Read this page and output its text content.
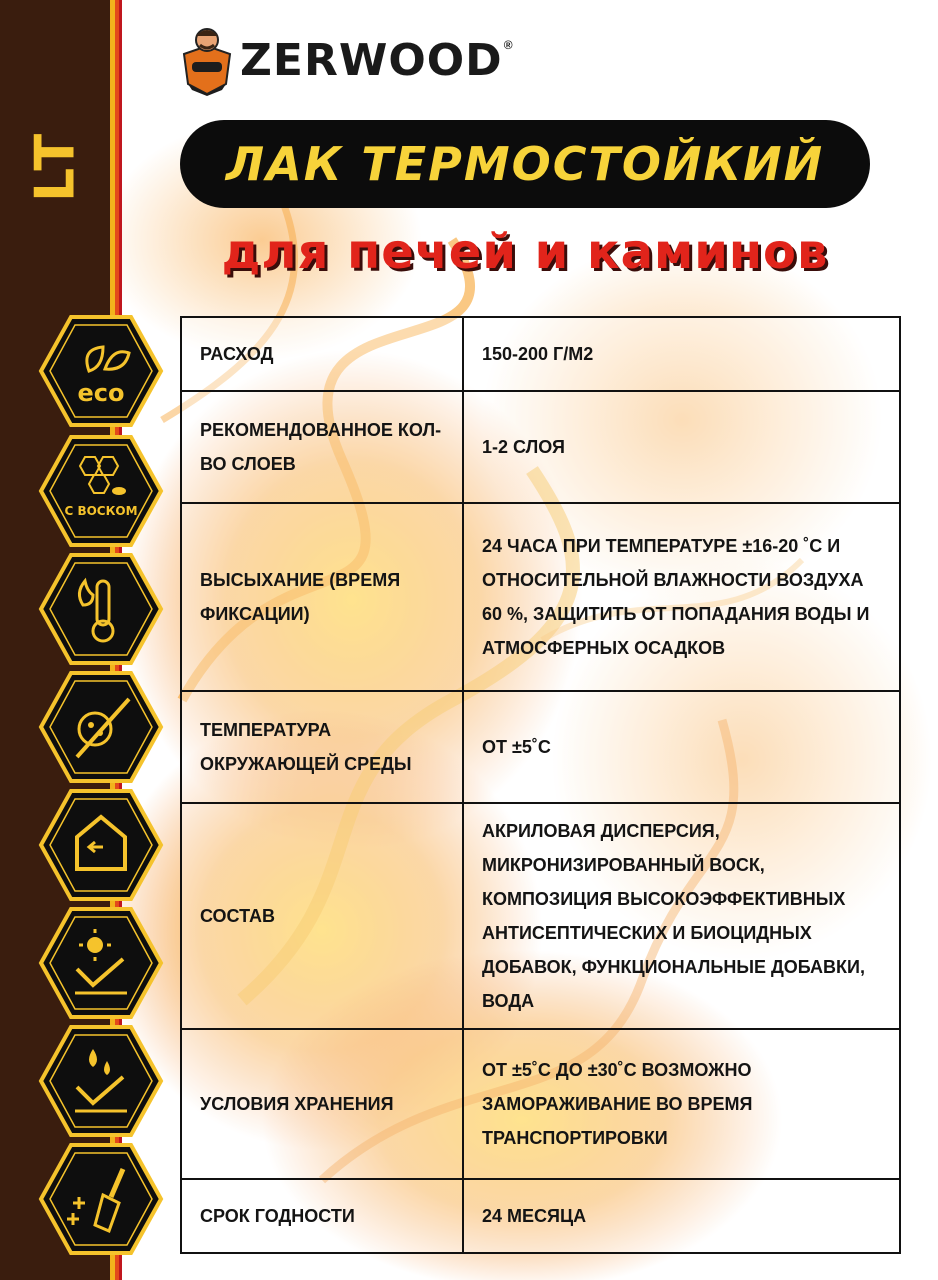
LT
ZERWOOD ®
ЛАК ТЕРМОСТОЙКИЙ
для печей и каминов
eco
С ВОСКОМ
РАСХОД	150-200 Г/М2
РЕКОМЕНДОВАННОЕ КОЛ-ВО СЛОЕВ	1-2 СЛОЯ
ВЫСЫХАНИЕ (ВРЕМЯ ФИКСАЦИИ)	24 ЧАСА ПРИ ТЕМПЕРАТУРЕ ±16-20 ˚С И ОТНОСИТЕЛЬНОЙ ВЛАЖНОСТИ ВОЗДУХА 60 %, ЗАЩИТИТЬ ОТ ПОПАДАНИЯ ВОДЫ И АТМОСФЕРНЫХ ОСАДКОВ
ТЕМПЕРАТУРА ОКРУЖАЮЩЕЙ СРЕДЫ	ОТ ±5˚С
СОСТАВ	АКРИЛОВАЯ ДИСПЕРСИЯ, МИКРОНИЗИРОВАННЫЙ ВОСК, КОМПОЗИЦИЯ ВЫСОКОЭФФЕКТИВНЫХ АНТИСЕПТИЧЕСКИХ И БИОЦИДНЫХ ДОБАВОК, ФУНКЦИОНАЛЬНЫЕ ДОБАВКИ, ВОДА
УСЛОВИЯ ХРАНЕНИЯ	ОТ ±5˚С ДО ±30˚С ВОЗМОЖНО ЗАМОРАЖИВАНИЕ ВО ВРЕМЯ ТРАНСПОРТИРОВКИ
СРОК ГОДНОСТИ	24 МЕСЯЦА
